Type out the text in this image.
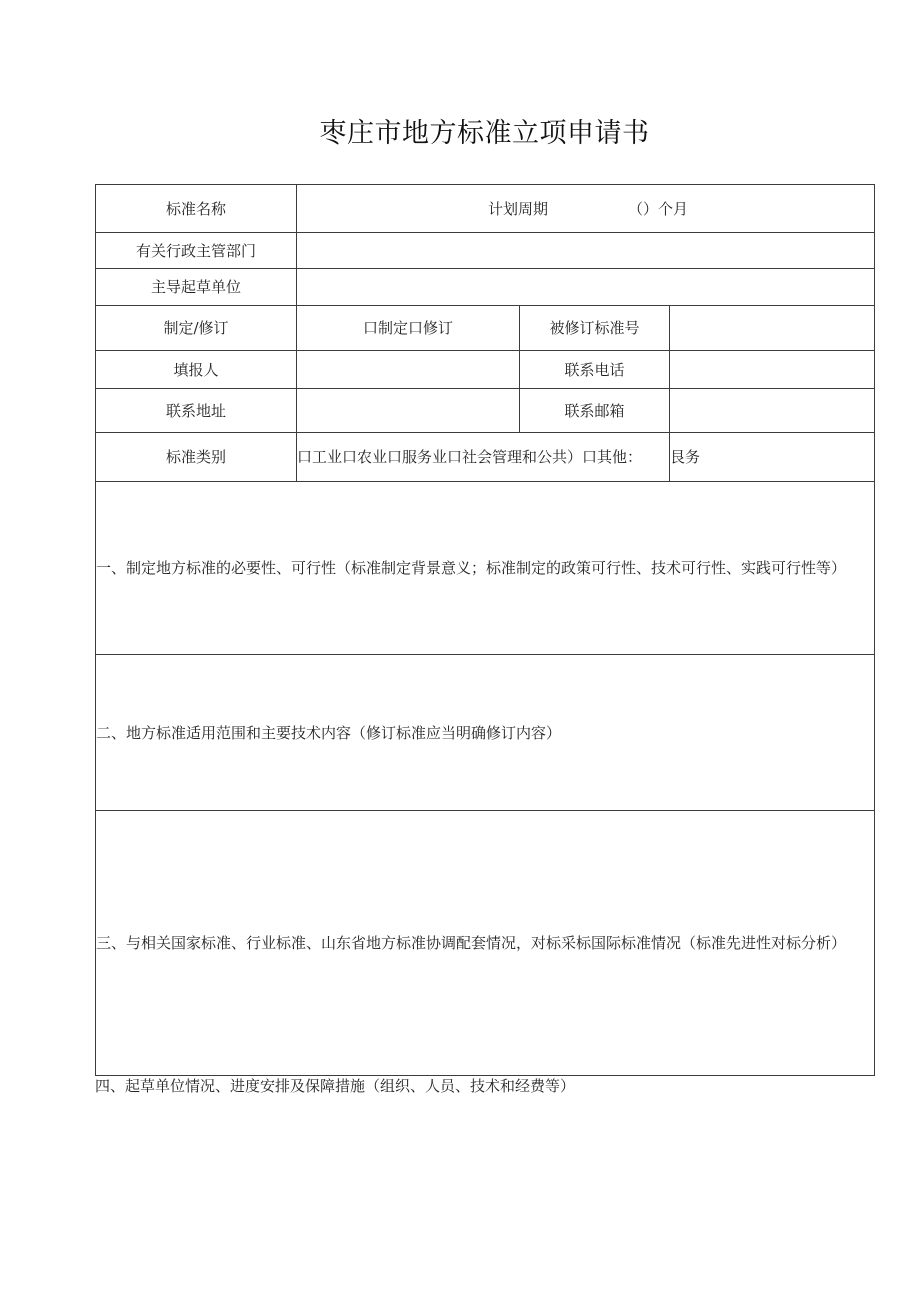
枣庄市地方标准立项申请书
标准名称	计划周期 （）个月		
有关行政主管部门			
主导起草单位			
制定/修订	口制定口修订	被修订标准号	
填报人		联系电话	
联系地址		联系邮箱	
标准类别	口工业口农业口服务业口社会管理和公共）口其他：		艮务
一、制定地方标准的必要性、可行性（标准制定背景意义；标准制定的政策可行性、技术可行性、实践可行性等）			
二、地方标准适用范围和主要技术内容（修订标准应当明确修订内容）			
三、与相关国家标准、行业标准、山东省地方标准协调配套情况，对标采标国际标准情况（标准先进性对标分析）			

四、起草单位情况、进度安排及保障措施（组织、人员、技术和经费等）
